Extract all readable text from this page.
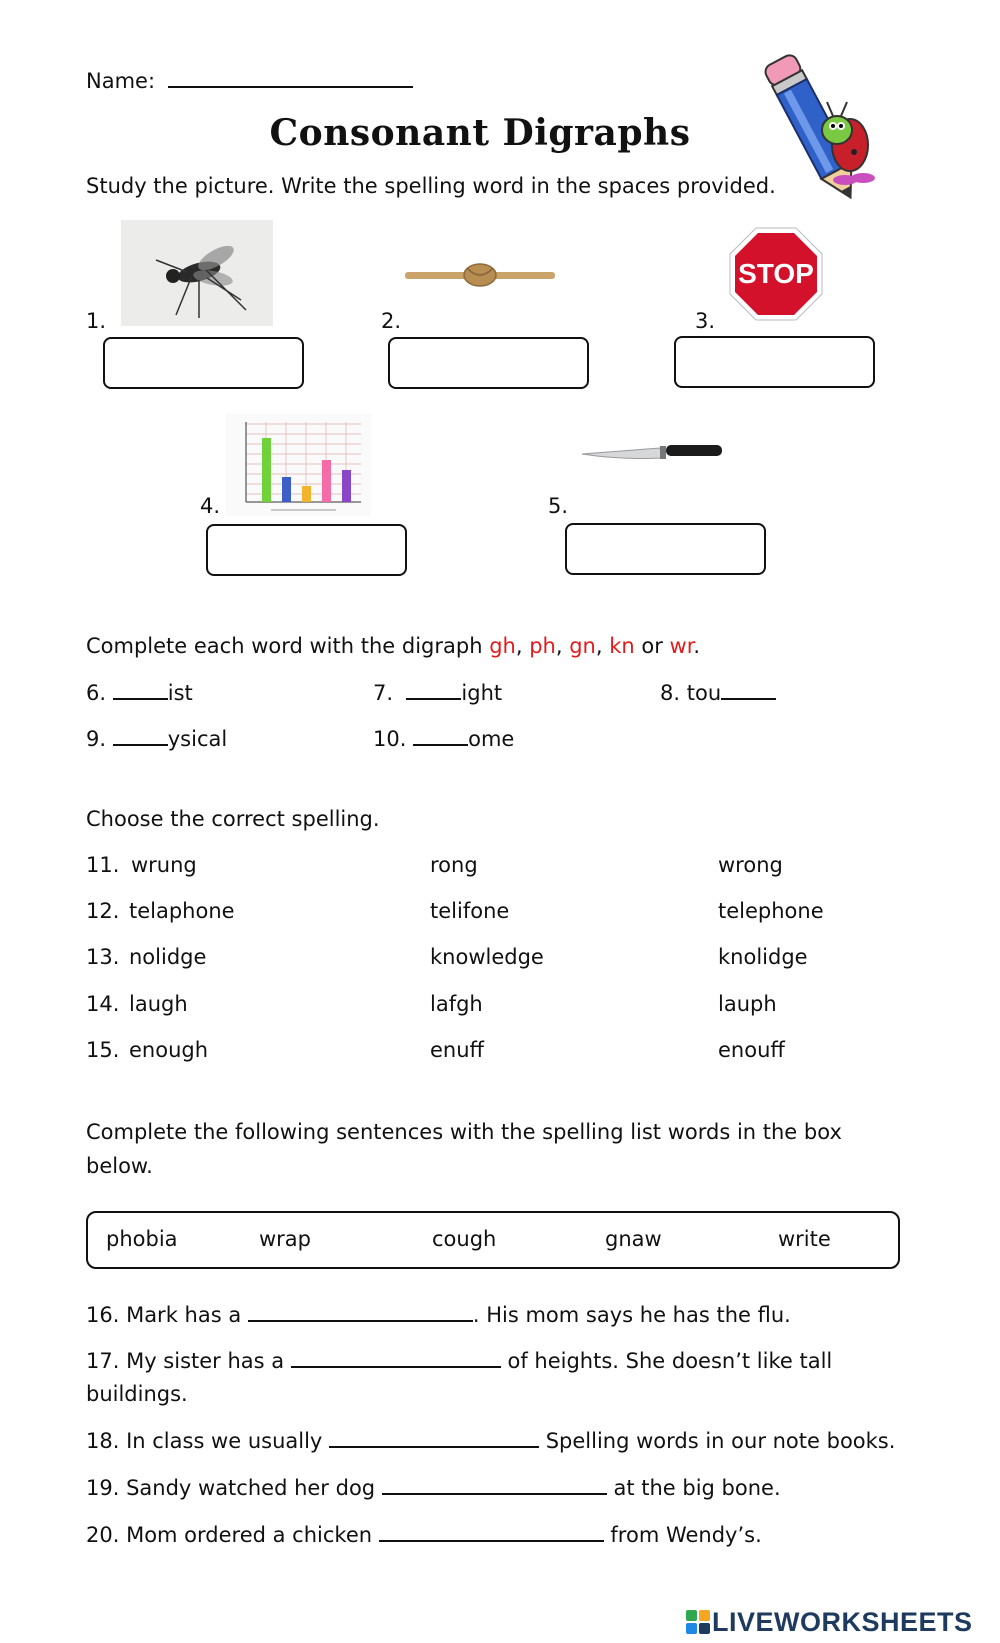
Name:
Consonant Digraphs
Study the picture. Write the spelling word in the spaces provided.
1.	2.
STOP
3.
4.	5.
Complete each word with the digraph gh, ph, gn, kn or wr.
6.	ist	7.	ight	8. tou
9.	ysical	10.	ome
Choose the correct spelling.
11. wrung	rong	wrong
12. telaphone	telifone	telephone
13. nolidge	knowledge	knolidge
14. laugh	lafgh	lauph
15. enough	enuff	enouff
Complete the following sentences with the spelling list words in the box
below.
phobia	wrap	cough	gnaw	write
16. Mark has a	. His mom says he has the flu.
17. My sister has a	of heights. She doesn’t like tall
buildings.
18. In class we usually	Spelling words in our note books.
19. Sandy watched her dog	at the big bone.
20. Mom ordered a chicken	from Wendy’s.
LIVEWORKSHEETS
